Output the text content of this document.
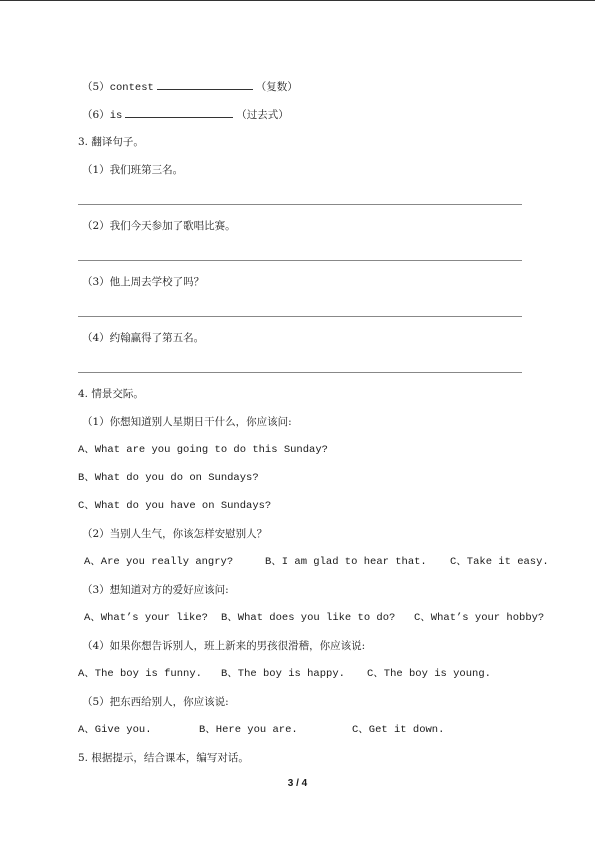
（5）contest	（复数）
（6）is	（过去式）
3. 翻译句子。
（1）我们班第三名。
（2）我们今天参加了歌唱比赛。
（3）他上周去学校了吗？
（4）约翰赢得了第五名。
4. 情景交际。
（1）你想知道别人星期日干什么，你应该问:
A、What are you going to do this Sunday?
B、What do you do on Sundays?
C、What do you have on Sundays?
（2）当别人生气，你该怎样安慰别人？
A、Are you really angry?	B、I am glad to hear that. C、Take it easy.
（3）想知道对方的爱好应该问:
A、What’s your like? B、What does you like to do? C、What’s your hobby?
（4）如果你想告诉别人，班上新来的男孩很滑稽，你应该说:
A、The boy is funny. B、The boy is happy. C、The boy is young.
（5）把东西给别人，你应该说:
A、Give you.	B、Here you are.	C、Get it down.
5. 根据提示，结合课本，编写对话。
3 / 4
